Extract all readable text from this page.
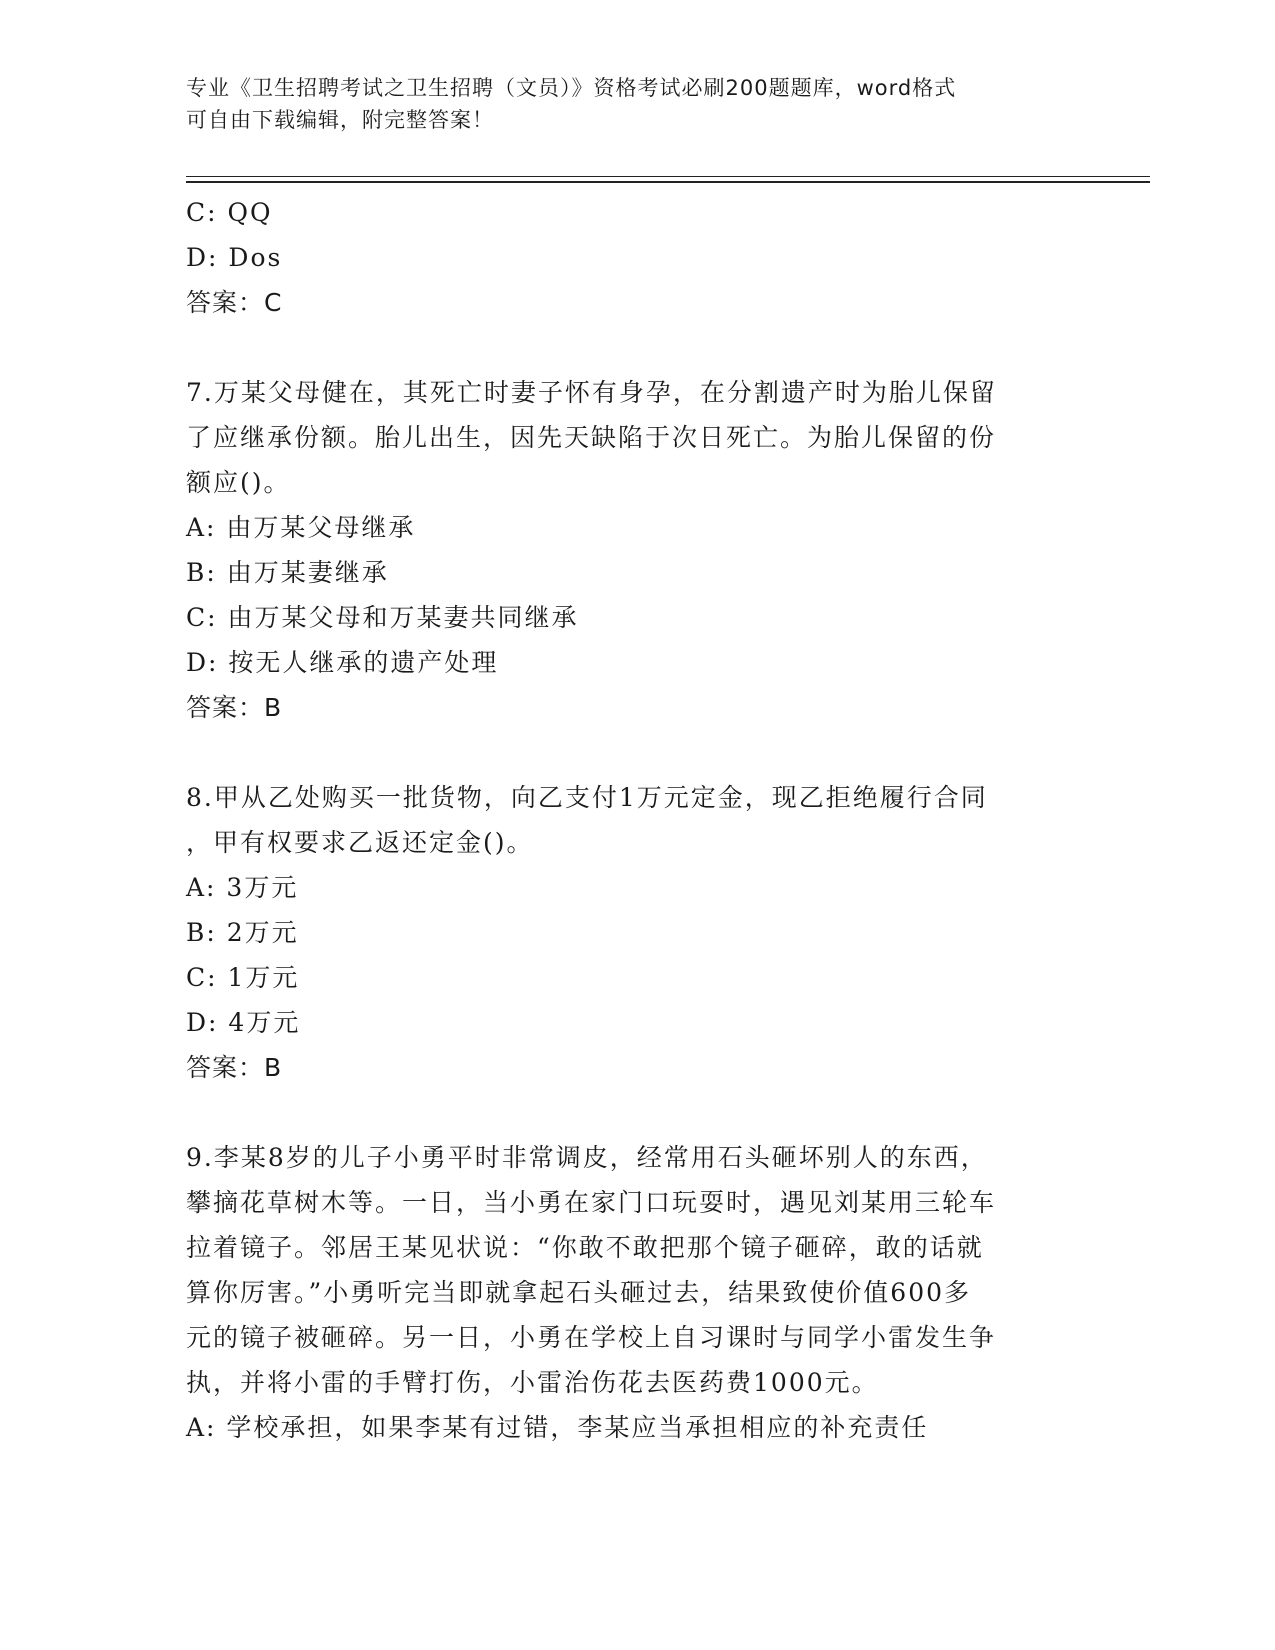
专业《卫生招聘考试之卫生招聘（文员）》资格考试必刷200题题库，word格式
可自由下载编辑，附完整答案！
C: QQ
D: Dos
答案：C
7.万某父母健在，其死亡时妻子怀有身孕，在分割遗产时为胎儿保留
了应继承份额。胎儿出生，因先天缺陷于次日死亡。为胎儿保留的份
额应()。
A: 由万某父母继承
B: 由万某妻继承
C: 由万某父母和万某妻共同继承
D: 按无人继承的遗产处理
答案：B
8.甲从乙处购买一批货物，向乙支付1万元定金，现乙拒绝履行合同
，甲有权要求乙返还定金()。
A: 3万元
B: 2万元
C: 1万元
D: 4万元
答案：B
9.李某8岁的儿子小勇平时非常调皮，经常用石头砸坏别人的东西，
攀摘花草树木等。一日，当小勇在家门口玩耍时，遇见刘某用三轮车
拉着镜子。邻居王某见状说：“你敢不敢把那个镜子砸碎，敢的话就
算你厉害。”小勇听完当即就拿起石头砸过去，结果致使价值600多
元的镜子被砸碎。另一日，小勇在学校上自习课时与同学小雷发生争
执，并将小雷的手臂打伤，小雷治伤花去医药费1000元。
A: 学校承担，如果李某有过错，李某应当承担相应的补充责任
